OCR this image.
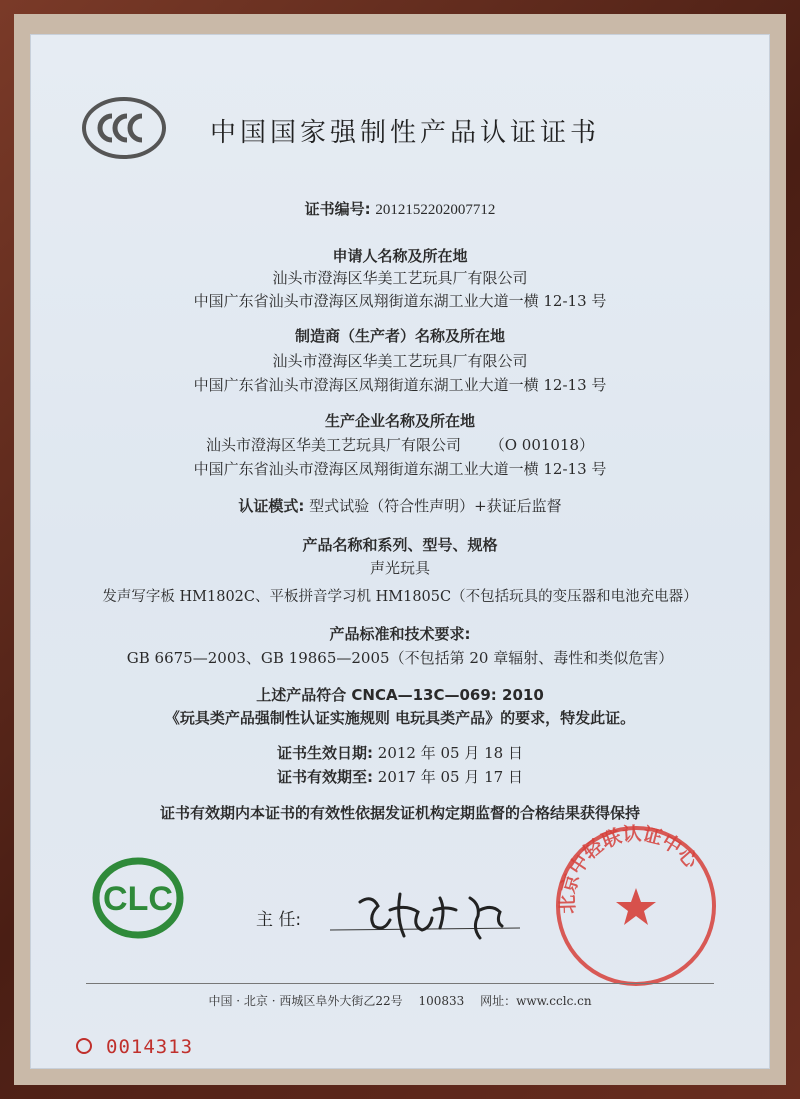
中国国家强制性产品认证证书
证书编号: 2012152202007712
申请人名称及所在地
汕头市澄海区华美工艺玩具厂有限公司
中国广东省汕头市澄海区凤翔街道东湖工业大道一横 12-13 号
制造商（生产者）名称及所在地
汕头市澄海区华美工艺玩具厂有限公司
中国广东省汕头市澄海区凤翔街道东湖工业大道一横 12-13 号
生产企业名称及所在地
汕头市澄海区华美工艺玩具厂有限公司 （O 001018）
中国广东省汕头市澄海区凤翔街道东湖工业大道一横 12-13 号
认证模式: 型式试验（符合性声明）+获证后监督
产品名称和系列、型号、规格
声光玩具
发声写字板 HM1802C、平板拼音学习机 HM1805C（不包括玩具的变压器和电池充电器）
产品标准和技术要求:
GB 6675—2003、GB 19865—2005（不包括第 20 章辐射、毒性和类似危害）
上述产品符合 CNCA—13C—069: 2010
《玩具类产品强制性认证实施规则 电玩具类产品》的要求，特发此证。
证书生效日期: 2012 年 05 月 18 日
证书有效期至: 2017 年 05 月 17 日
证书有效期内本证书的有效性依据发证机构定期监督的合格结果获得保持
CLC
主 任:
北京中轻联认证中心
中国 · 北京 · 西城区阜外大街乙22号 100833 网址：www.cclc.cn
0014313
